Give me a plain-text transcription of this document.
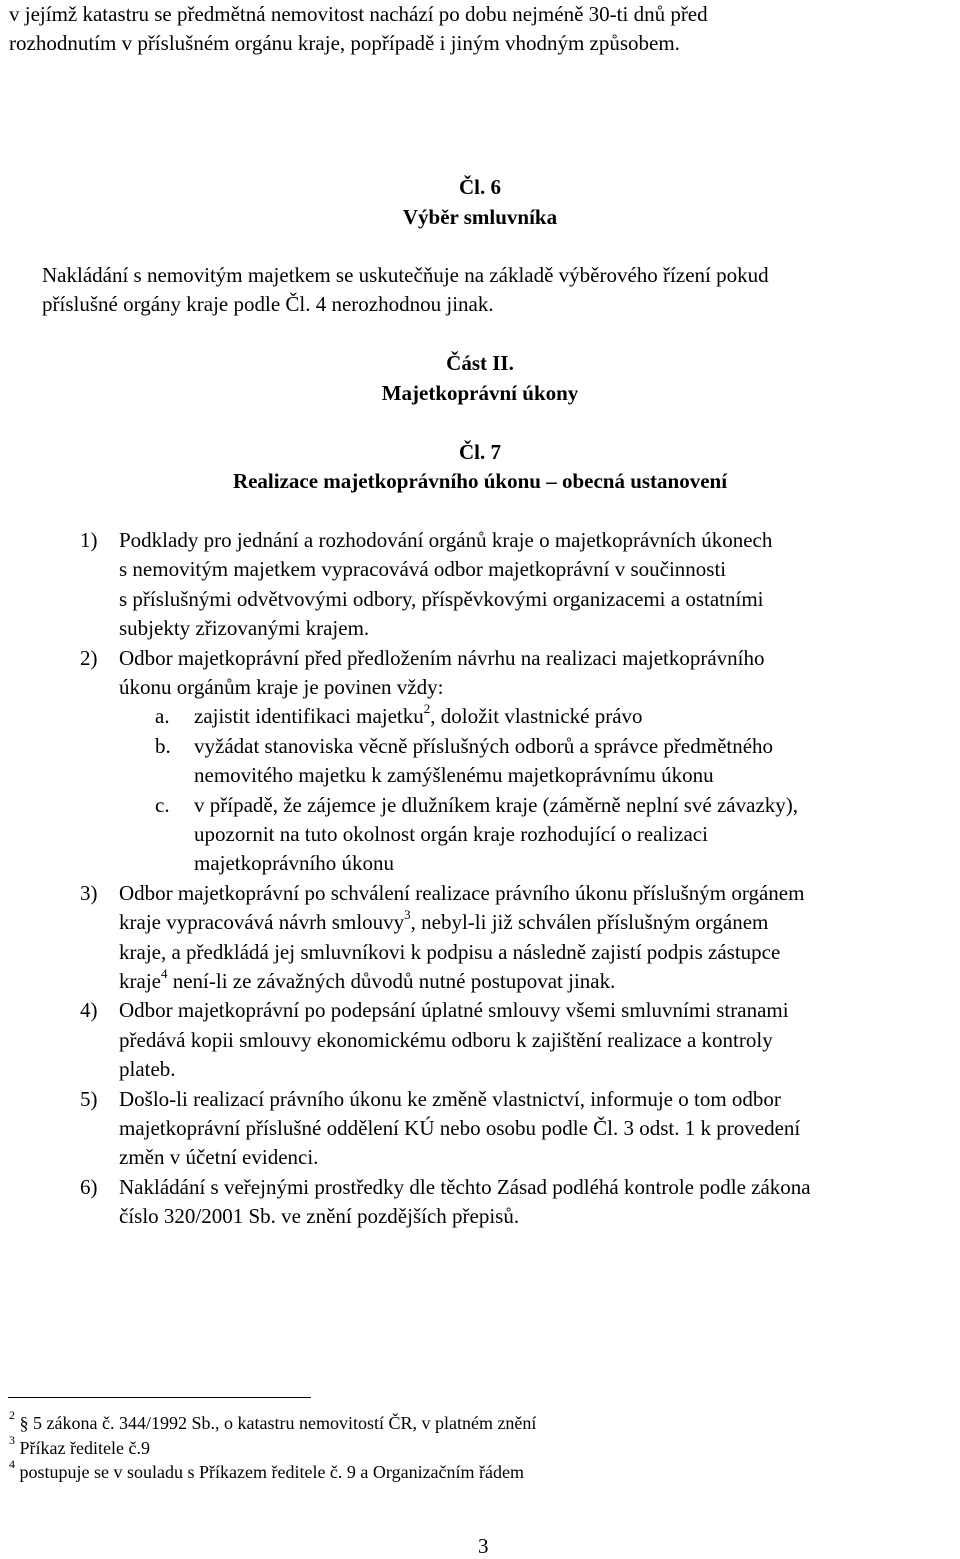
v jejímž katastru se předmětná nemovitost nachází po dobu nejméně 30-ti dnů před
rozhodnutím v příslušném orgánu kraje, popřípadě i jiným vhodným způsobem.
Čl. 6
Výběr smluvníka
Nakládání s nemovitým majetkem se uskutečňuje na základě výběrového řízení pokud
příslušné orgány kraje podle Čl. 4 nerozhodnou jinak.
Část II.
Majetkoprávní úkony
Čl. 7
Realizace majetkoprávního úkonu – obecná ustanovení
1) Podklady pro jednání a rozhodování orgánů kraje o majetkoprávních úkonech
s nemovitým majetkem vypracovává odbor majetkoprávní v součinnosti
s příslušnými odvětvovými odbory, příspěvkovými organizacemi a ostatními
subjekty zřizovanými krajem.
2) Odbor majetkoprávní před předložením návrhu na realizaci majetkoprávního
úkonu orgánům kraje je povinen vždy:
a. zajistit identifikaci majetku$^2$, doložit vlastnické právo
b. vyžádat stanoviska věcně příslušných odborů a správce předmětného
nemovitého majetku k zamýšlenému majetkoprávnímu úkonu
c. v případě, že zájemce je dlužníkem kraje (záměrně neplní své závazky),
upozornit na tuto okolnost orgán kraje rozhodující o realizaci
majetkoprávního úkonu
3) Odbor majetkoprávní po schválení realizace právního úkonu příslušným orgánem
kraje vypracovává návrh smlouvy$^3$, nebyl-li již schválen příslušným orgánem
kraje, a předkládá jej smluvníkovi k podpisu a následně zajistí podpis zástupce
kraje$^4$ není-li ze závažných důvodů nutné postupovat jinak.
4) Odbor majetkoprávní po podepsání úplatné smlouvy všemi smluvními stranami
předává kopii smlouvy ekonomickému odboru k zajištění realizace a kontroly
plateb.
5) Došlo-li realizací právního úkonu ke změně vlastnictví, informuje o tom odbor
majetkoprávní příslušné oddělení KÚ nebo osobu podle Čl. 3 odst. 1 k provedení
změn v účetní evidenci.
6) Nakládání s veřejnými prostředky dle těchto Zásad podléhá kontrole podle zákona
číslo 320/2001 Sb. ve znění pozdějších přepisů.
$^2$ § 5 zákona č. 344/1992 Sb., o katastru nemovitostí ČR, v platném znění
$^3$ Příkaz ředitele č.9
$^4$ postupuje se v souladu s Příkazem ředitele č. 9 a Organizačním řádem
3
